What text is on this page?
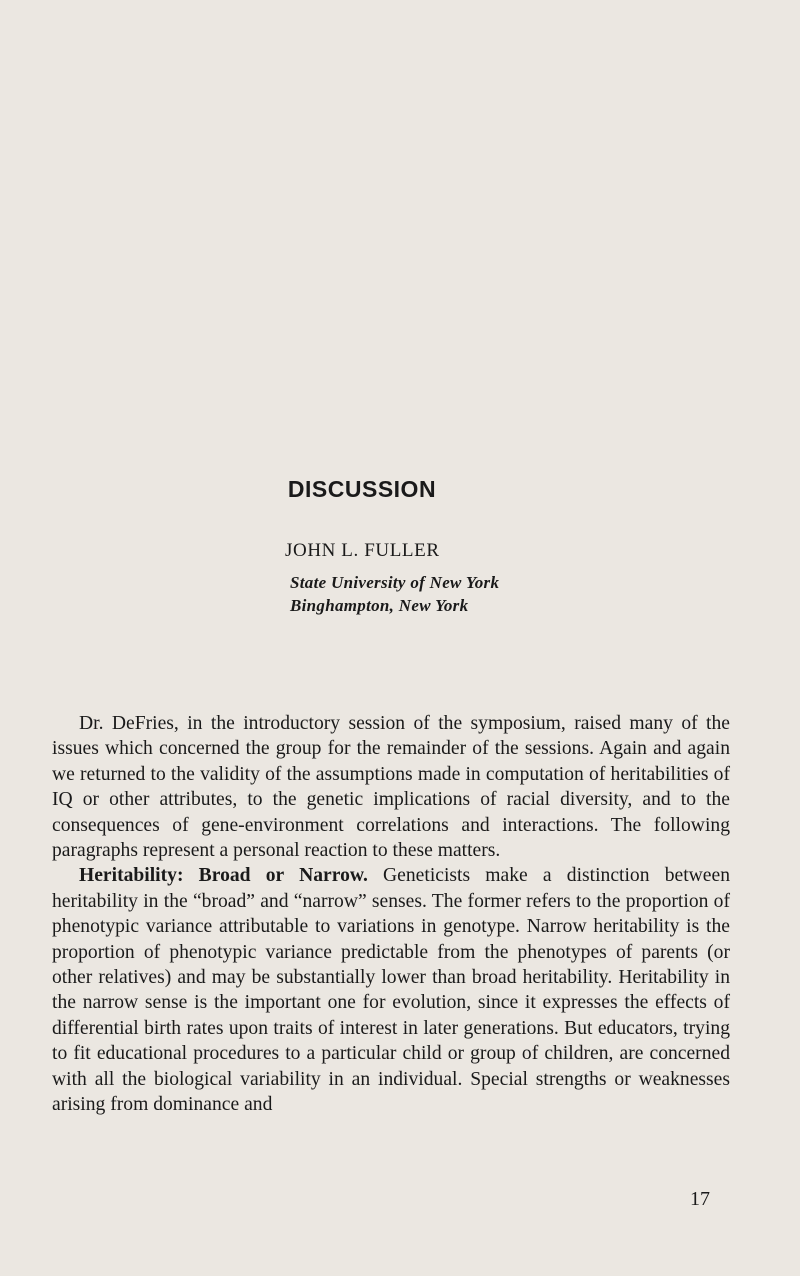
DISCUSSION
JOHN L. FULLER
State University of New York
Binghampton, New York

Dr. DeFries, in the introductory session of the symposium, raised many of the issues which concerned the group for the remainder of the sessions. Again and again we returned to the validity of the assumptions made in computation of heritabilities of IQ or other attributes, to the genetic implications of racial diversity, and to the consequences of gene-environment correlations and interactions. The following paragraphs represent a personal reaction to these matters.

Heritability: Broad or Narrow. Geneticists make a distinction between heritability in the “broad” and “narrow” senses. The former refers to the proportion of phenotypic variance attributable to variations in genotype. Narrow heritability is the proportion of phenotypic variance predictable from the phenotypes of parents (or other relatives) and may be substantially lower than broad heritability. Heritability in the narrow sense is the important one for evolution, since it expresses the effects of differential birth rates upon traits of interest in later generations. But educators, trying to fit educational procedures to a particular child or group of children, are concerned with all the biological variability in an individual. Special strengths or weaknesses arising from dominance and

17
